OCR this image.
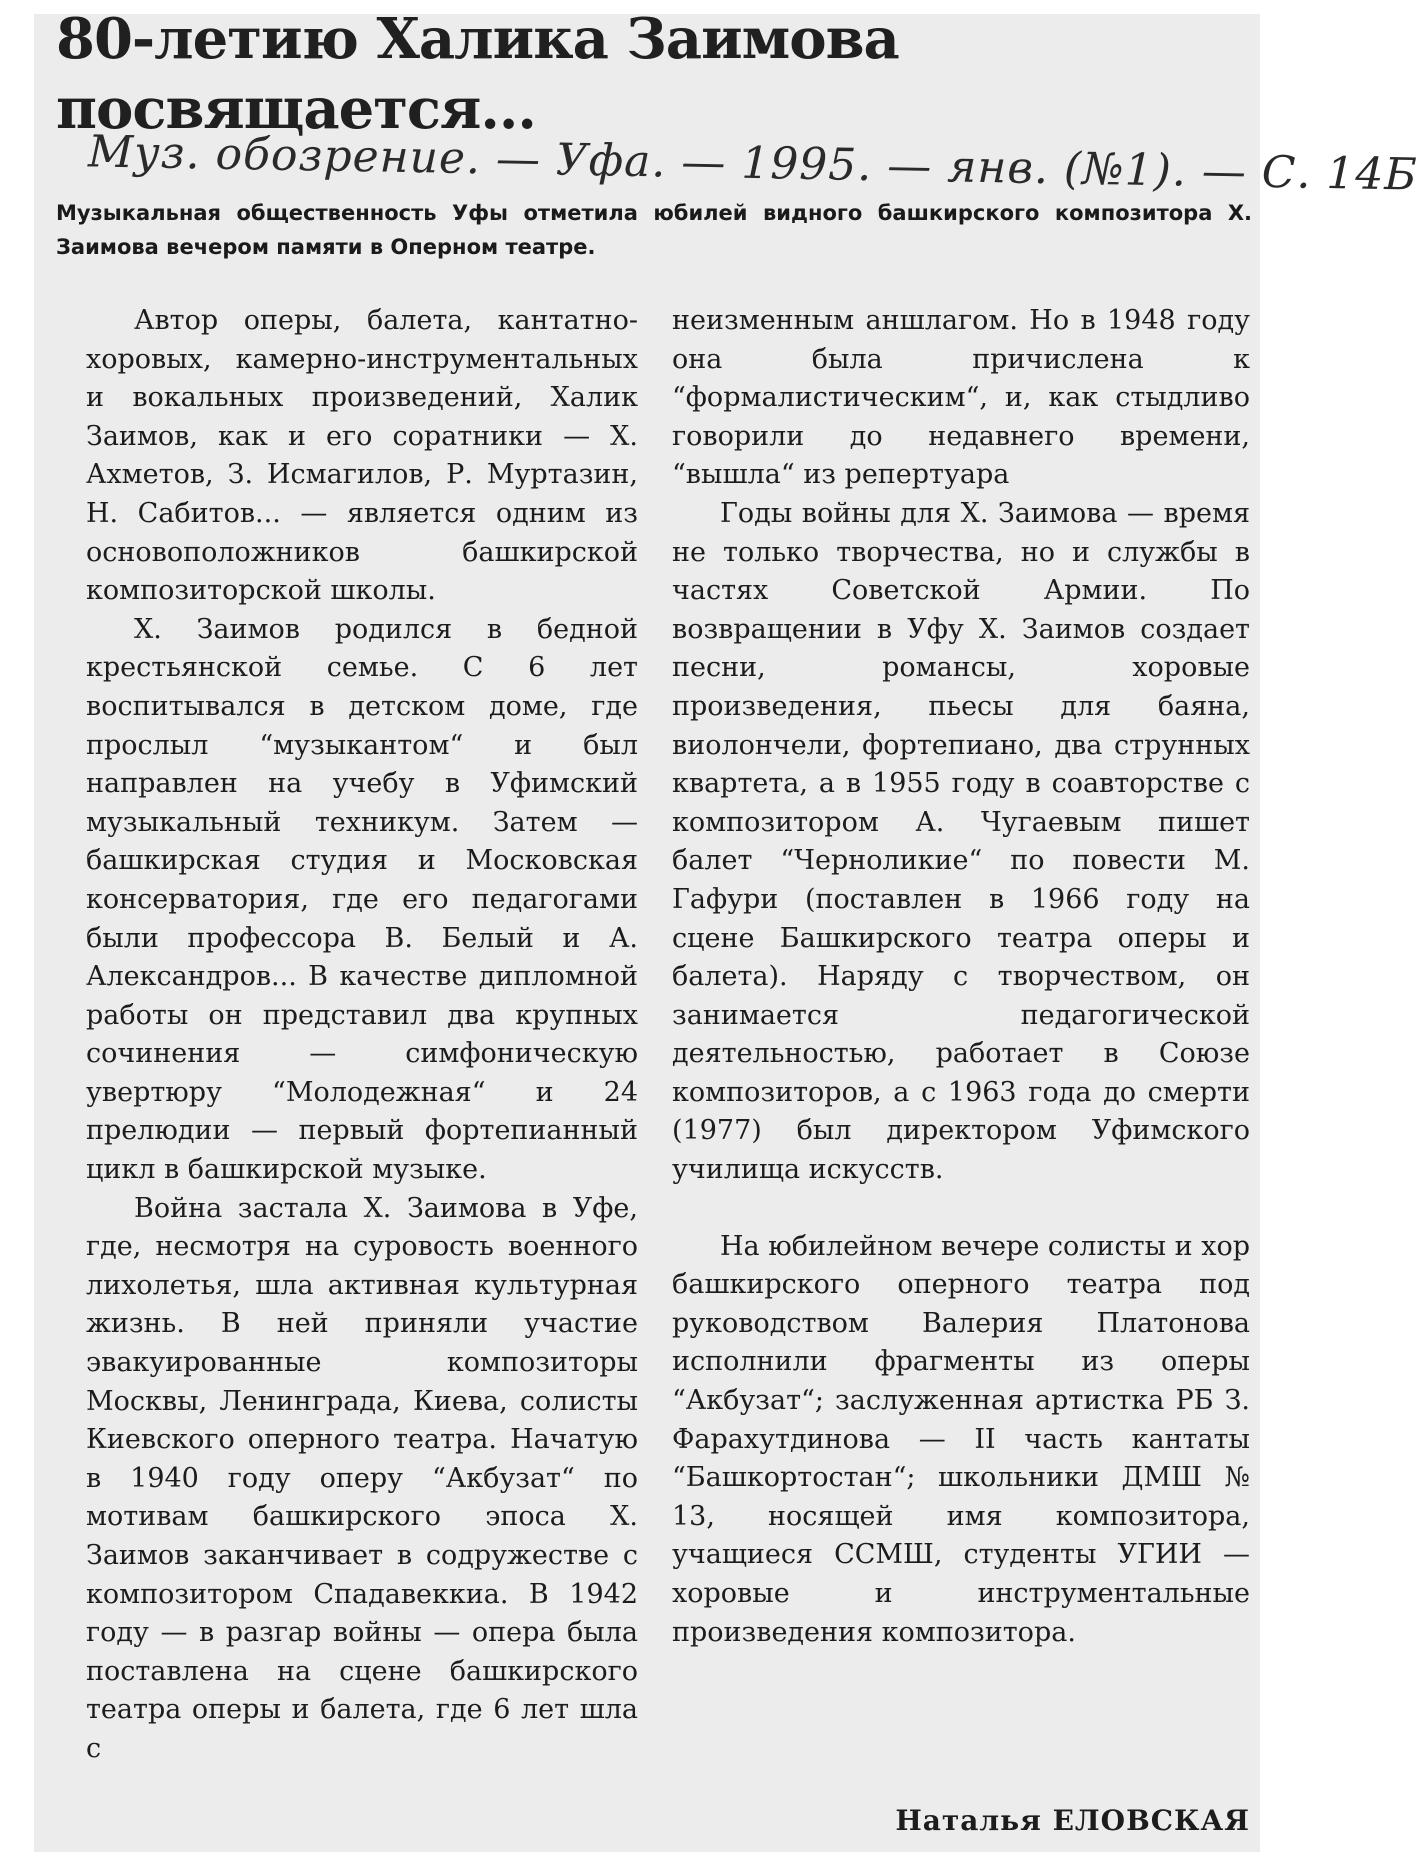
80-летию Халика Заимова
посвящается...
Муз. обозрение. — Уфа. — 1995. — янв. (№1). — С. 14Б

Музыкальная общественность Уфы отметила юбилей видного башкирского композитора Х. Заимова вечером памяти в Оперном театре.

Автор оперы, балета, кантатно-хоровых, камерно-инструментальных и вокальных произведений, Халик Заимов, как и его соратники — Х. Ахметов, З. Исмагилов, Р. Муртазин, Н. Сабитов... — является одним из основоположников башкирской композиторской школы.

Х. Заимов родился в бедной крестьянской семье. С 6 лет воспитывался в детском доме, где прослыл “музыкантом“ и был направлен на учебу в Уфимский музыкальный техникум. Затем — башкирская студия и Московская консерватория, где его педагогами были профессора В. Белый и А. Александров... В качестве дипломной работы он представил два крупных сочинения — симфоническую увертюру “Молодежная“ и 24 прелюдии — первый фортепианный цикл в башкирской музыке.

Война застала Х. Заимова в Уфе, где, несмотря на суровость военного лихолетья, шла активная культурная жизнь. В ней приняли участие эвакуированные композиторы Москвы, Ленинграда, Киева, солисты Киевского оперного театра. Начатую в 1940 году оперу “Акбузат“ по мотивам башкирского эпоса Х. Заимов заканчивает в содружестве с композитором Спадавеккиа. В 1942 году — в разгар войны — опера была поставлена на сцене башкирского театра оперы и балета, где 6 лет шла с

неизменным аншлагом. Но в 1948 году она была причислена к “формалистическим“, и, как стыдливо говорили до недавнего времени, “вышла“ из репертуара

Годы войны для Х. Заимова — время не только творчества, но и службы в частях Советской Армии. По возвращении в Уфу Х. Заимов создает песни, романсы, хоровые произведения, пьесы для баяна, виолончели, фортепиано, два струнных квартета, а в 1955 году в соавторстве с композитором А. Чугаевым пишет балет “Черноликие“ по повести М. Гафури (поставлен в 1966 году на сцене Башкирского театра оперы и балета). Наряду с творчеством, он занимается педагогической деятельностью, работает в Союзе композиторов, а с 1963 года до смерти (1977) был директором Уфимского училища искусств.

На юбилейном вечере солисты и хор башкирского оперного театра под руководством Валерия Платонова исполнили фрагменты из оперы “Акбузат“; заслуженная артистка РБ З. Фарахутдинова — II часть кантаты “Башкортостан“; школьники ДМШ № 13, носящей имя композитора, учащиеся ССМШ, студенты УГИИ — хоровые и инструментальные произведения композитора.

Наталья ЕЛОВСКАЯ
